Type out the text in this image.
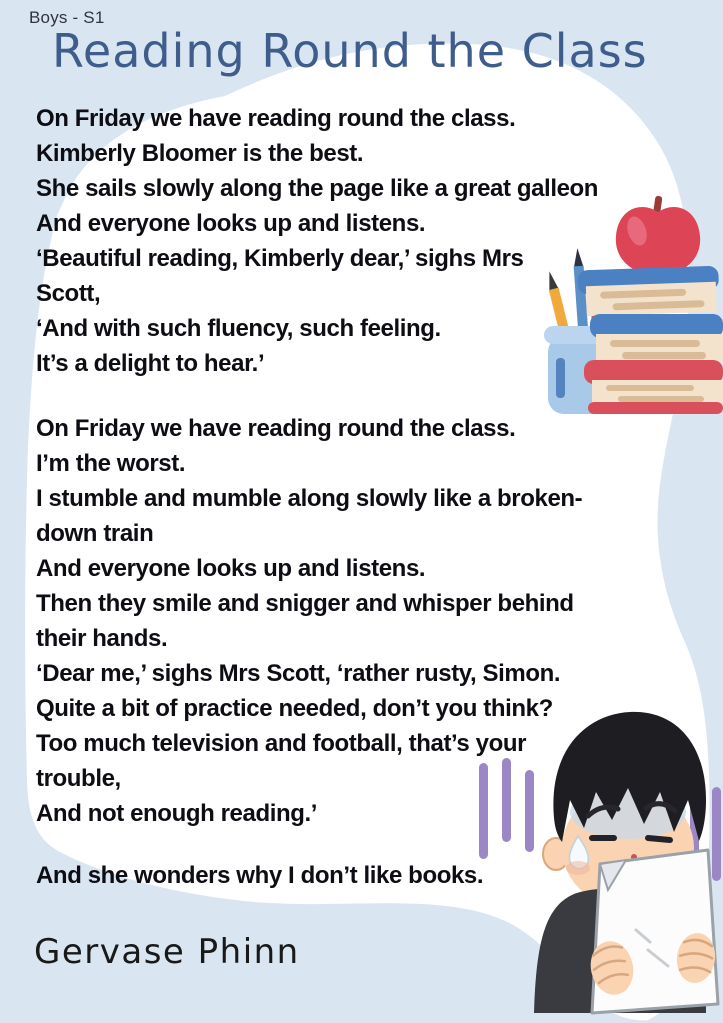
Boys - S1
Reading Round the Class
On Friday we have reading round the class.
Kimberly Bloomer is the best.
She sails slowly along the page like a great galleon
And everyone looks up and listens.
‘Beautiful reading, Kimberly dear,’ sighs Mrs
Scott,
‘And with such fluency, such feeling.
It’s a delight to hear.’
On Friday we have reading round the class.
I’m the worst.
I stumble and mumble along slowly like a broken-
down train
And everyone looks up and listens.
Then they smile and snigger and whisper behind
their hands.
‘Dear me,’ sighs Mrs Scott, ‘rather rusty, Simon.
Quite a bit of practice needed, don’t you think?
Too much television and football, that’s your
trouble,
And not enough reading.’
And she wonders why I don’t like books.
Gervase Phinn
